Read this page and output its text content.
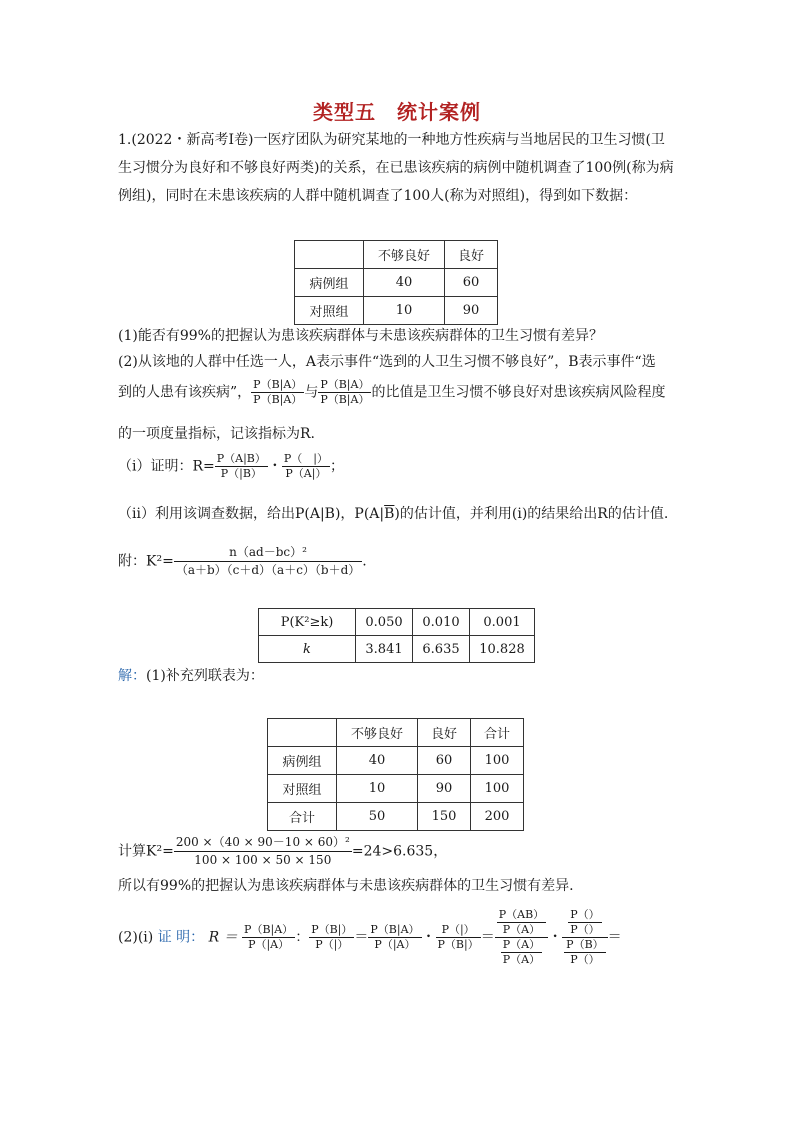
类型五　统计案例
1.(2022・新高考Ⅰ卷)一医疗团队为研究某地的一种地方性疾病与当地居民的卫生习惯(卫
生习惯分为良好和不够良好两类)的关系，在已患该疾病的病例中随机调查了100例(称为病
例组)，同时在未患该疾病的人群中随机调查了100人(称为对照组)，得到如下数据：
	不够良好	良好
病例组	40	60
对照组	10	90
(1)能否有99%的把握认为患该疾病群体与未患该疾病群体的卫生习惯有差异？
(2)从该地的人群中任选一人，A表示事件“选到的人卫生习惯不够良好”，B表示事件“选
到的人患有该疾病”， $\frac{P(B|A)}{P(B|A)}$ 与 $\frac{P(B|A)}{P(B|A)}$ 的比值是卫生习惯不够良好对患该疾病风险程度
的一项度量指标，记该指标为R.
（ⅰ）证明：$R= \frac{P(A|B)}{P(|B)}$ ・ $\frac{P( |)}{P(A|)}$ ；
（ⅱ）利用该调查数据，给出P(A|B)，$P(A|\overline{B})$的估计值，并利用(ⅰ)的结果给出R的估计值.
附：$K^2= \frac{\text{n（ad－bc）²}}{(a+b)(c+d)(a+c)(b+d)}$ .
P(K²≥k)	0.050	0.010	0.001
k	3.841	6.635	10.828
解：(1)补充列联表为：
	不够良好	良好	合计
病例组	40	60	100
对照组	10	90	100
合计	50	150	200
计算$K^2= \frac{\text{200 ×（40 × 90－10 × 60）²}}{100 \times 100 \times 50 \times 150} =24>6.635$，
所以有99%的把握认为患该疾病群体与未患该疾病群体的卫生习惯有差异.
(2)(ⅰ) 证 明： $R = \frac{P(B|A)}{P(|A)}$ ： $\frac{P(B|)}{P(|)} = \frac{P(B|A)}{P(|A)}$ ・ $\frac{P(|)}{P(B|)} = \frac{\frac{P(AB)}{P(A)}}{\frac{P(A)}{P(A)}}$ ・ $\frac{\frac{P()}{P()}}{\frac{P(B)}{P()}}$ ＝
